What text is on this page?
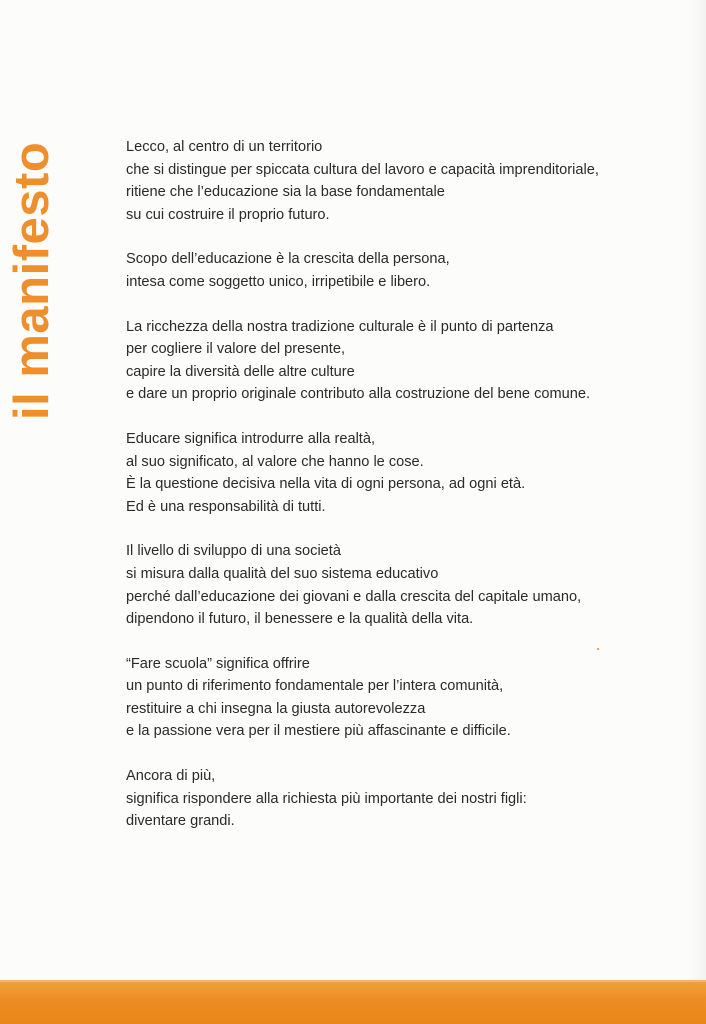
il manifesto	Lecco, al centro di un territorio
che si distingue per spiccata cultura del lavoro e capacità imprenditoriale,
ritiene che l’educazione sia la base fondamentale
su cui costruire il proprio futuro.
Scopo dell’educazione è la crescita della persona,
intesa come soggetto unico, irripetibile e libero.
La ricchezza della nostra tradizione culturale è il punto di partenza
per cogliere il valore del presente,
capire la diversità delle altre culture
e dare un proprio originale contributo alla costruzione del bene comune.
Educare significa introdurre alla realtà,
al suo significato, al valore che hanno le cose.
È la questione decisiva nella vita di ogni persona, ad ogni età.
Ed è una responsabilità di tutti.
Il livello di sviluppo di una società
si misura dalla qualità del suo sistema educativo
perché dall’educazione dei giovani e dalla crescita del capitale umano,
dipendono il futuro, il benessere e la qualità della vita.
“Fare scuola” significa offrire
un punto di riferimento fondamentale per l’intera comunità,
restituire a chi insegna la giusta autorevolezza
e la passione vera per il mestiere più affascinante e difficile.
Ancora di più,
significa rispondere alla richiesta più importante dei nostri figli:
diventare grandi.
